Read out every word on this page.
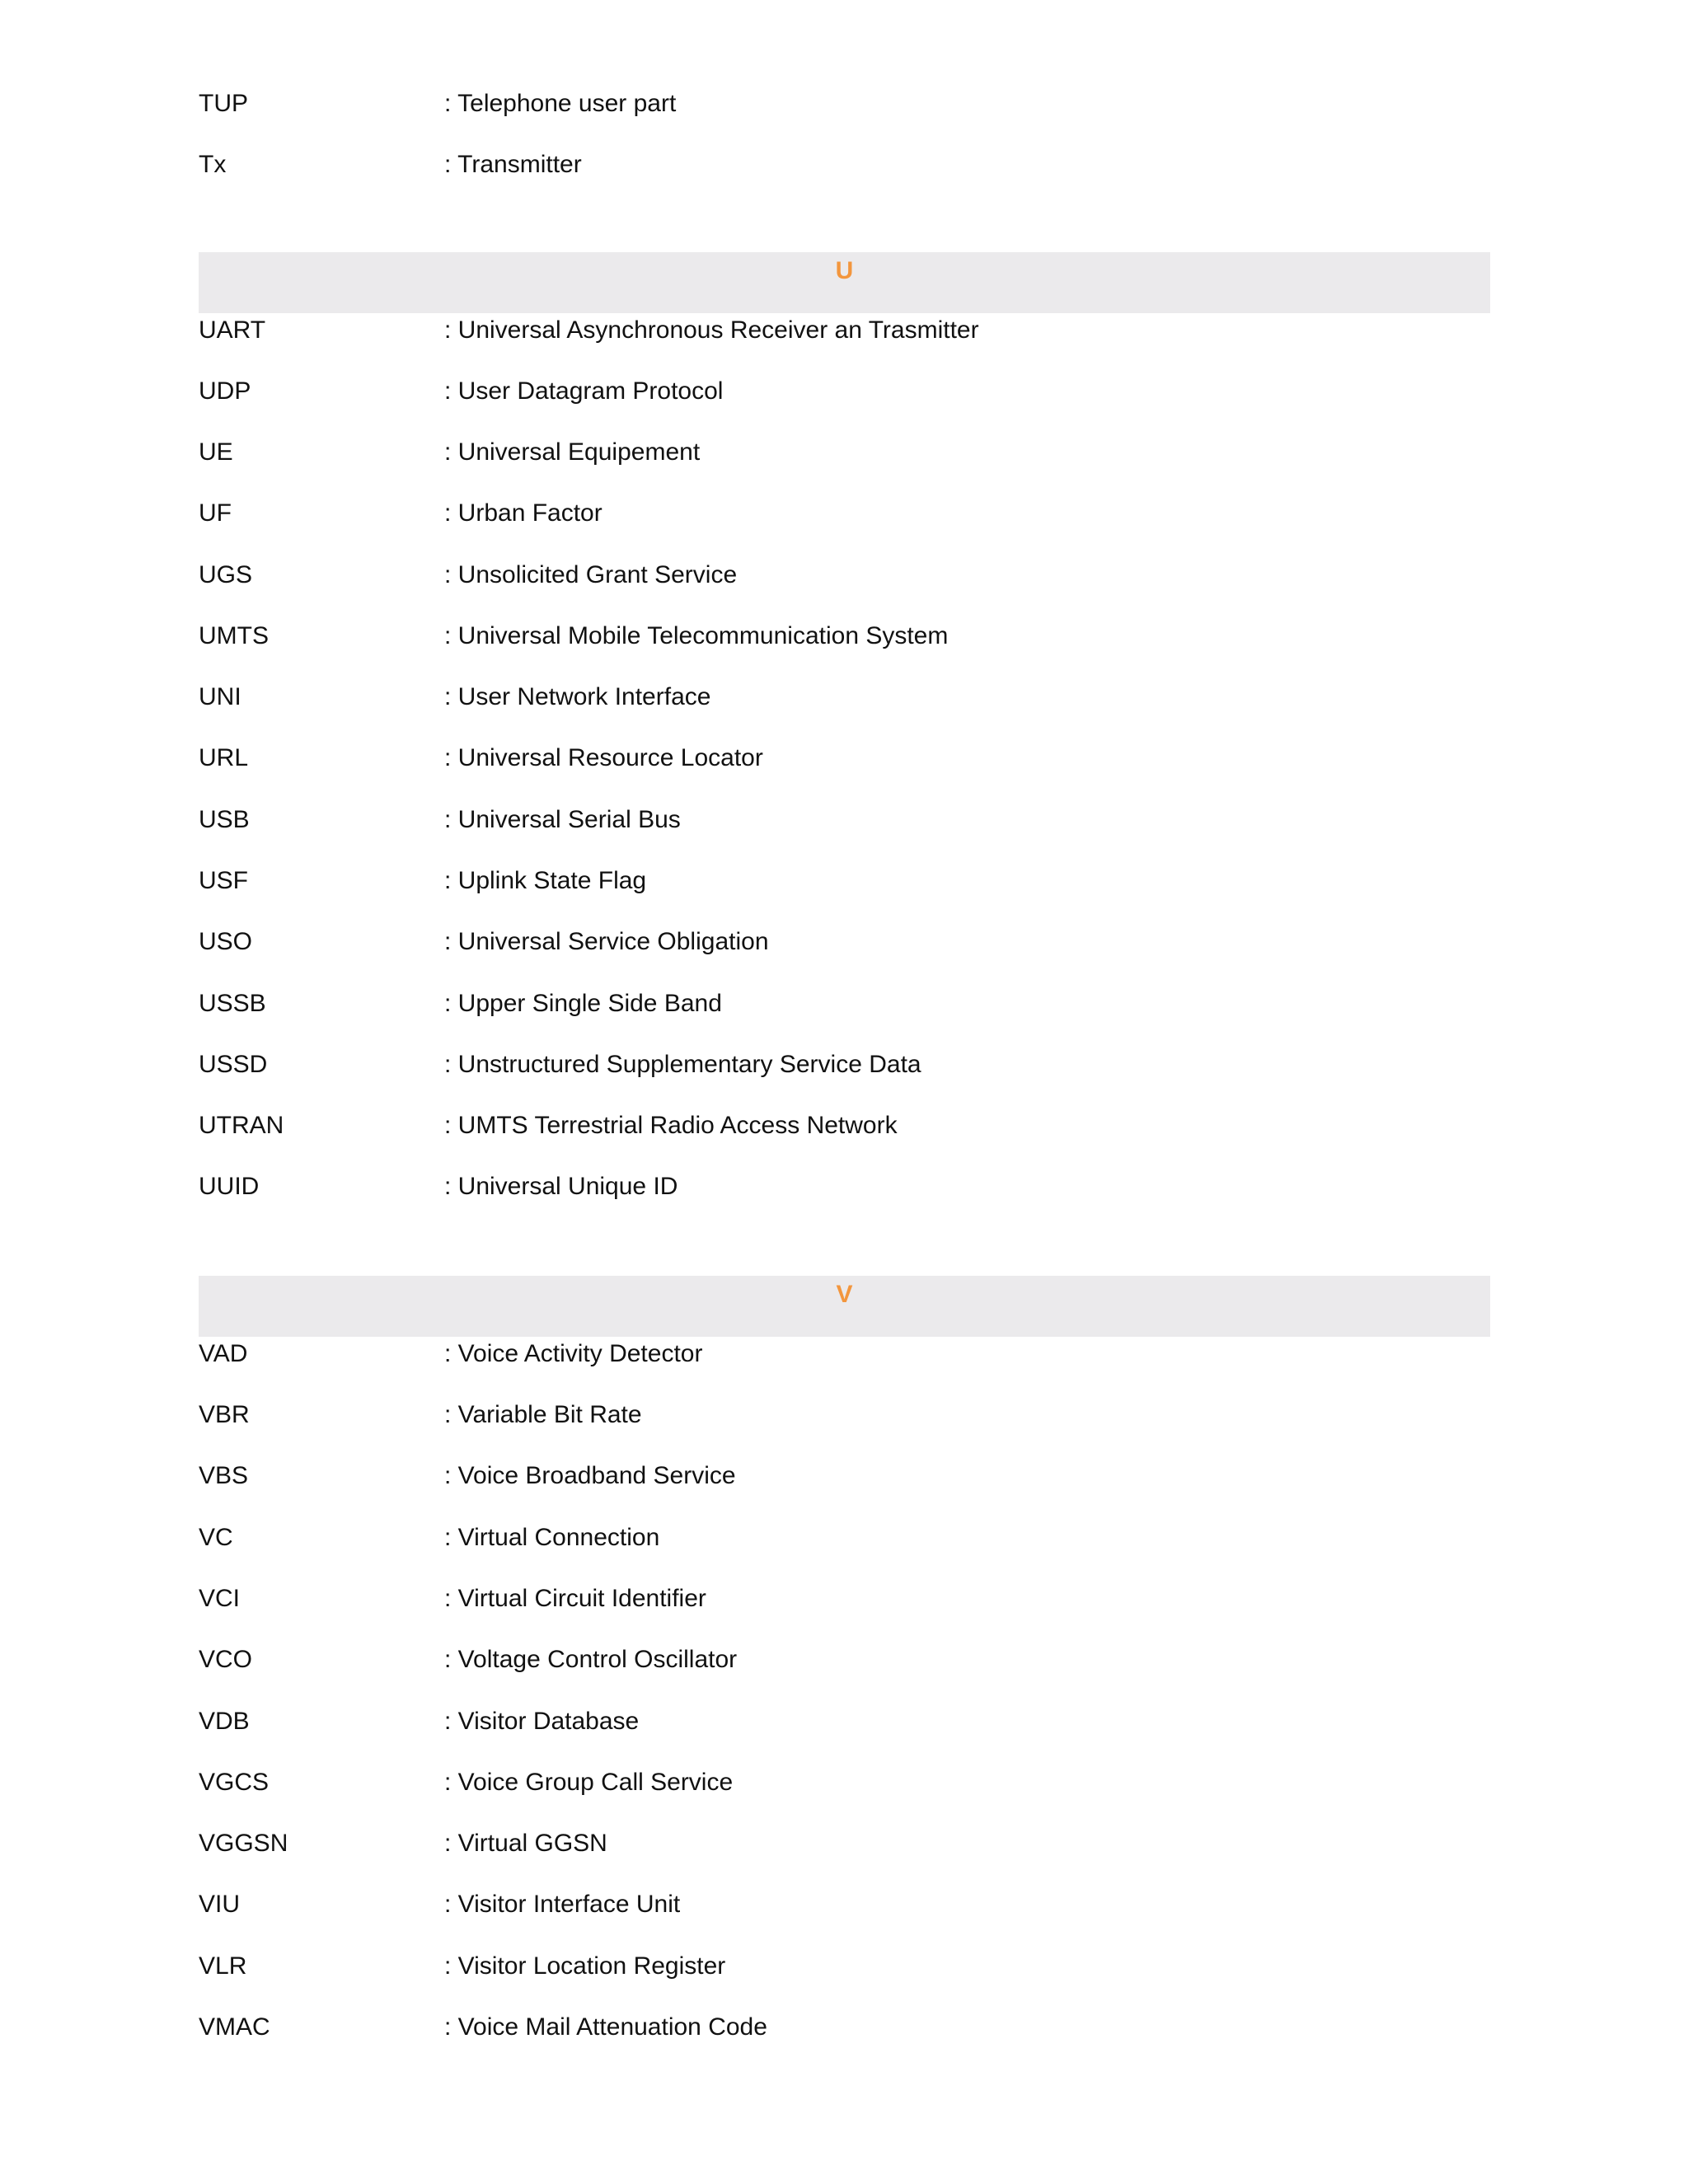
TUP	: Telephone user part
Tx	: Transmitter
U
UART	: Universal Asynchronous Receiver an Trasmitter
UDP	: User Datagram Protocol
UE	: Universal Equipement
UF	: Urban Factor
UGS	: Unsolicited Grant Service
UMTS	: Universal Mobile Telecommunication System
UNI	: User Network Interface
URL	: Universal Resource Locator
USB	: Universal Serial Bus
USF	: Uplink State Flag
USO	: Universal Service Obligation
USSB	: Upper Single Side Band
USSD	: Unstructured Supplementary Service Data
UTRAN	: UMTS Terrestrial Radio Access Network
UUID	: Universal Unique ID
V
VAD	: Voice Activity Detector
VBR	: Variable Bit Rate
VBS	: Voice Broadband Service
VC	: Virtual Connection
VCI	: Virtual Circuit Identifier
VCO	: Voltage Control Oscillator
VDB	: Visitor Database
VGCS	: Voice Group Call Service
VGGSN	: Virtual GGSN
VIU	: Visitor Interface Unit
VLR	: Visitor Location Register
VMAC	: Voice Mail Attenuation Code
